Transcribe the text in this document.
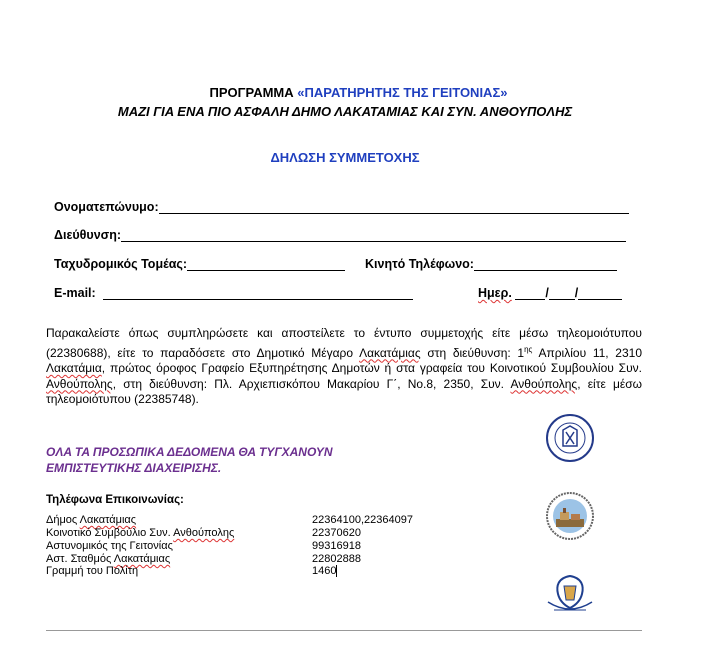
ΠΡΟΓΡΑΜΜΑ «ΠΑΡΑΤΗΡΗΤΗΣ ΤΗΣ ΓΕΙΤΟΝΙΑΣ»
ΜΑΖΙ ΓΙΑ ΕΝΑ ΠΙΟ ΑΣΦΑΛΗ ΔΗΜΟ ΛΑΚΑΤΑΜΙΑΣ ΚΑΙ ΣΥΝ. ΑΝΘΟΥΠΟΛΗΣ
ΔΗΛΩΣΗ ΣΥΜΜΕΤΟΧΗΣ
Ονοματεπώνυμο:
Διεύθυνση:
Ταχυδρομικός Τομέας:	Κινητό Τηλέφωνο:
E-mail:	Ημερ.	/ /
Παρακαλείστε όπως συμπληρώσετε και αποστείλετε το έντυπο συμμετοχής είτε μέσω τηλεομοιότυπου (22380688), είτε το παραδόσετε στο Δημοτικό Μέγαρο Λακατάμιας στη διεύθυνση: $1^{\eta\varsigma}$ Απριλίου 11, 2310 Λακατάμια, πρώτος όροφος Γραφείο Εξυπηρέτησης Δημοτών ή στα γραφεία του Κοινοτικού Συμβουλίου Συν. Ανθούπολης, στη διεύθυνση: Πλ. Αρχιεπισκόπου Μακαρίου Γ΄, Νο.8, 2350, Συν. Ανθούπολης, είτε μέσω τηλεομοιότυπου (22385748).
ΟΛΑ ΤΑ ΠΡΟΣΩΠΙΚΑ ΔΕΔΟΜΕΝΑ ΘΑ ΤΥΓΧΑΝΟΥΝ ΕΜΠΙΣΤΕΥΤΙΚΗΣ ΔΙΑΧΕΙΡΙΣΗΣ.
Τηλέφωνα Επικοινωνίας:
Δήμος Λακατάμιας	22364100,22364097
Κοινοτικό Συμβούλιο Συν. Ανθούπολης	22370620
Αστυνομικός της Γειτονίας	99316918
Αστ. Σταθμός Λακατάμιας	22802888
Γραμμή του Πολίτη	1460
